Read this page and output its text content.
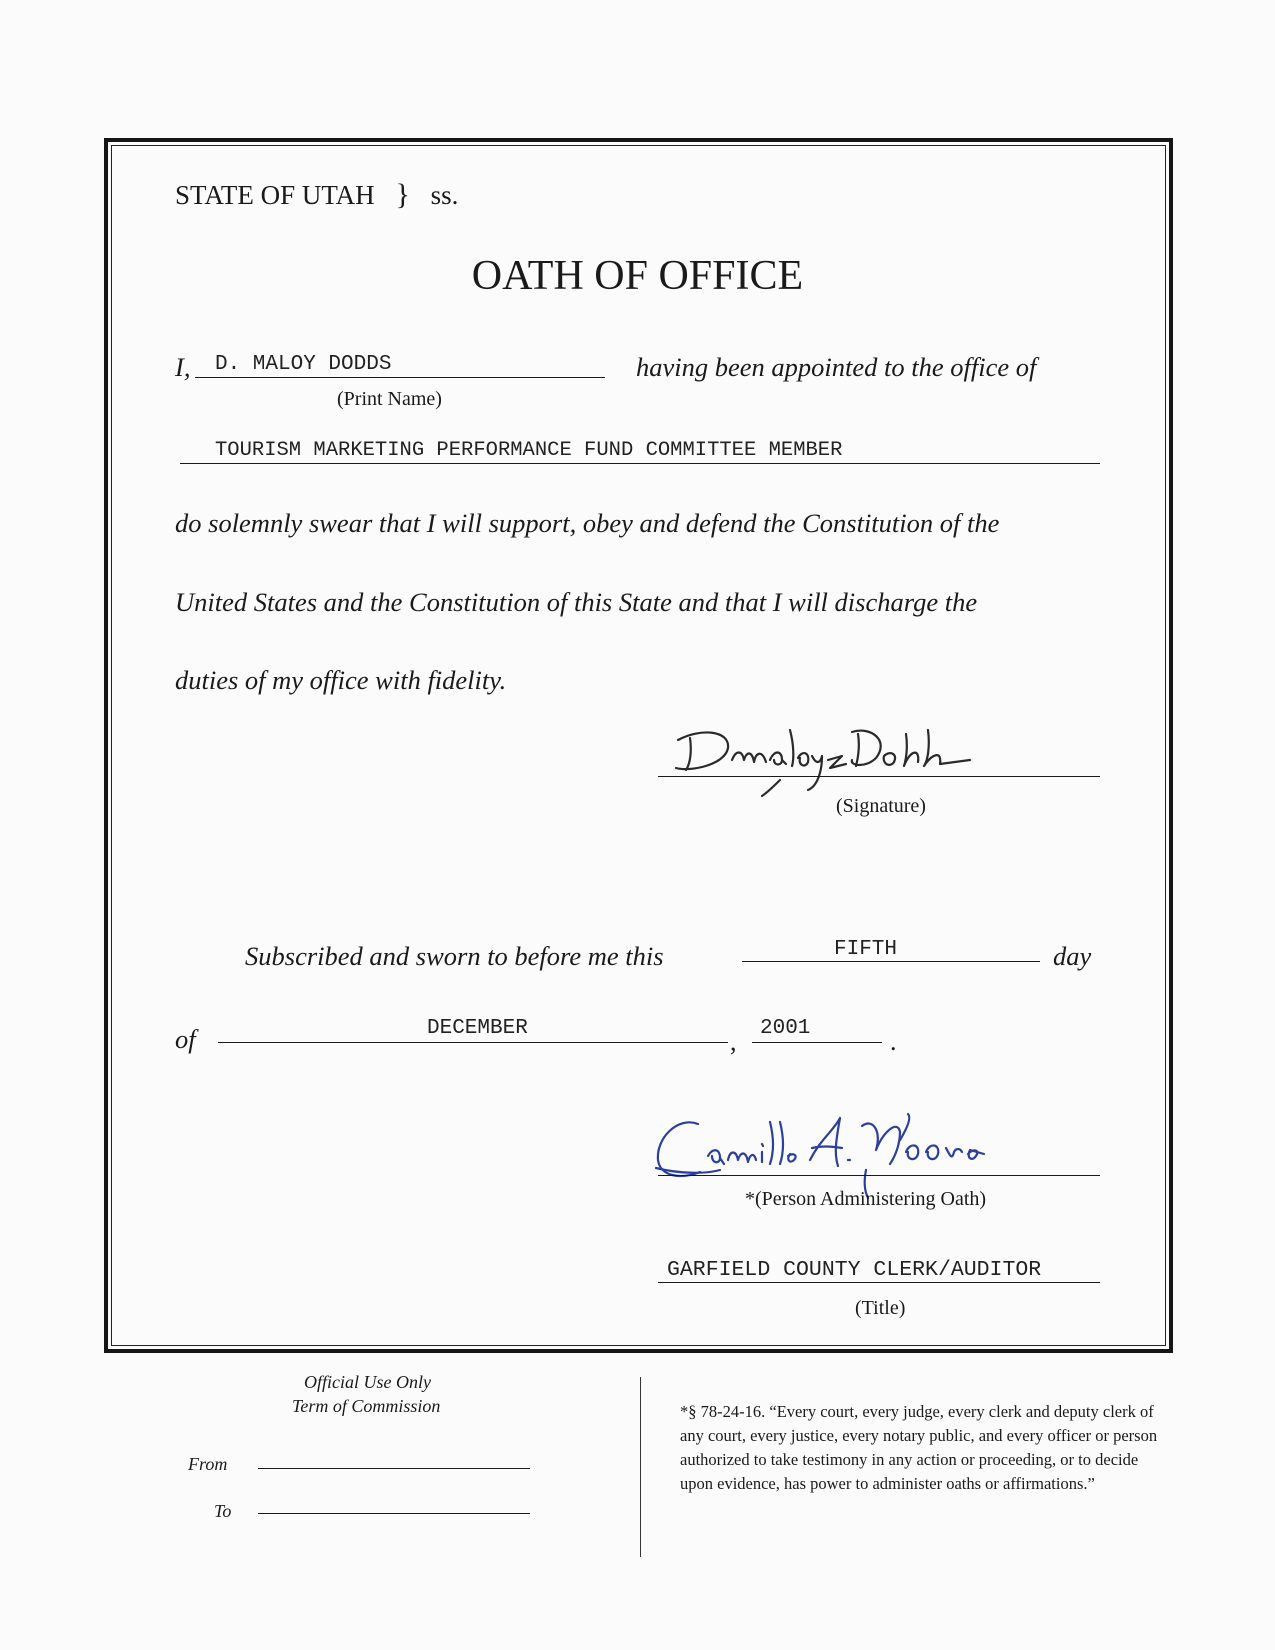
STATE OF UTAH } ss.
OATH OF OFFICE
I, D. MALOY DODDS	having been appointed to the office of
(Print Name)
TOURISM MARKETING PERFORMANCE FUND COMMITTEE MEMBER
do solemnly swear that I will support, obey and defend the Constitution of the
United States and the Constitution of this State and that I will discharge the
duties of my office with fidelity.
(Signature)
Subscribed and sworn to before me this	FIFTH	day
of	DECEMBER	, 2001	.
*(Person Administering Oath)
GARFIELD COUNTY CLERK/AUDITOR
(Title)
Official Use Only
Term of Commission
From
To
*§ 78-24-16. “Every court, every judge, every clerk and deputy clerk of any court, every justice, every notary public, and every officer or person authorized to take testimony in any action or proceeding, or to decide upon evidence, has power to administer oaths or affirmations.”
